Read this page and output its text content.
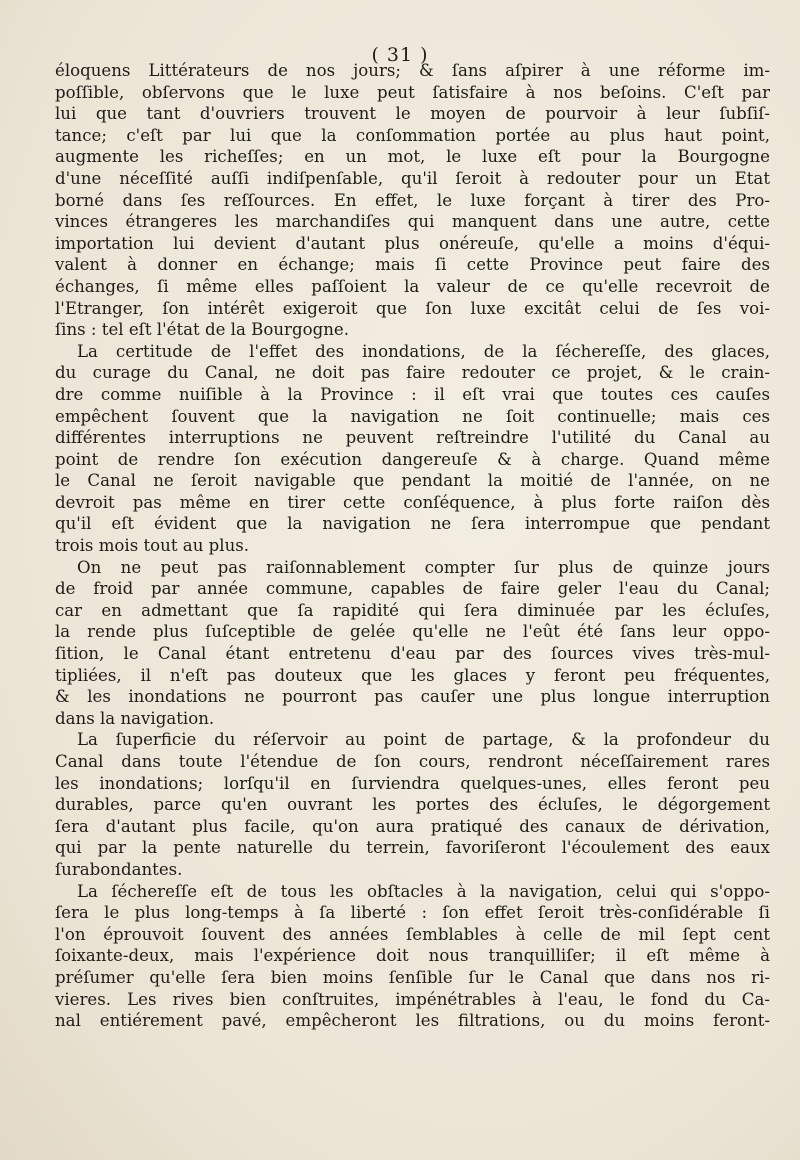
( 31 )
éloquens Littérateurs de nos jours; & ſans aſpirer à une réforme im-
poſſible, obſervons que le luxe peut ſatisfaire à nos beſoins. C'eſt par
lui que tant d'ouvriers trouvent le moyen de pourvoir à leur ſubſiſ-
tance; c'eſt par lui que la conſommation portée au plus haut point,
augmente les richeſſes; en un mot, le luxe eſt pour la Bourgogne
d'une néceſſité auſſi indiſpenſable, qu'il ſeroit à redouter pour un Etat
borné dans ſes reſſources. En effet, le luxe forçant à tirer des Pro-
vinces étrangeres les marchandiſes qui manquent dans une autre, cette
importation lui devient d'autant plus onéreuſe, qu'elle a moins d'équi-
valent à donner en échange; mais ſi cette Province peut faire des
échanges, ſi même elles paſſoient la valeur de ce qu'elle recevroit de
l'Etranger, ſon intérêt exigeroit que ſon luxe excitât celui de ſes voi-
ſins : tel eſt l'état de la Bourgogne.
La certitude de l'effet des inondations, de la ſéchereſſe, des glaces,
du curage du Canal, ne doit pas faire redouter ce projet, & le crain-
dre comme nuiſible à la Province : il eſt vrai que toutes ces cauſes
empêchent ſouvent que la navigation ne ſoit continuelle; mais ces
différentes interruptions ne peuvent reſtreindre l'utilité du Canal au
point de rendre ſon exécution dangereuſe & à charge. Quand même
le Canal ne ſeroit navigable que pendant la moitié de l'année, on ne
devroit pas même en tirer cette conſéquence, à plus forte raiſon dès
qu'il eſt évident que la navigation ne ſera interrompue que pendant
trois mois tout au plus.
On ne peut pas raiſonnablement compter ſur plus de quinze jours
de froid par année commune, capables de faire geler l'eau du Canal;
car en admettant que ſa rapidité qui ſera diminuée par les écluſes,
la rende plus ſuſceptible de gelée qu'elle ne l'eût été ſans leur oppo-
ſition, le Canal étant entretenu d'eau par des ſources vives très-mul-
tipliées, il n'eſt pas douteux que les glaces y feront peu fréquentes,
& les inondations ne pourront pas cauſer une plus longue interruption
dans la navigation.
La ſuperficie du réſervoir au point de partage, & la profondeur du
Canal dans toute l'étendue de ſon cours, rendront néceſſairement rares
les inondations; lorſqu'il en ſurviendra quelques-unes, elles feront peu
durables, parce qu'en ouvrant les portes des écluſes, le dégorgement
ſera d'autant plus facile, qu'on aura pratiqué des canaux de dérivation,
qui par la pente naturelle du terrein, favoriſeront l'écoulement des eaux
ſurabondantes.
La ſéchereſſe eſt de tous les obſtacles à la navigation, celui qui s'oppo-
ſera le plus long-temps à ſa liberté : ſon effet ſeroit très-conſidérable ſi
l'on éprouvoit ſouvent des années ſemblables à celle de mil ſept cent
ſoixante-deux, mais l'expérience doit nous tranquilliſer; il eſt même à
préſumer qu'elle ſera bien moins ſenſible ſur le Canal que dans nos ri-
vieres. Les rives bien conſtruites, impénétrables à l'eau, le fond du Ca-
nal entiérement pavé, empêcheront les filtrations, ou du moins feront-
